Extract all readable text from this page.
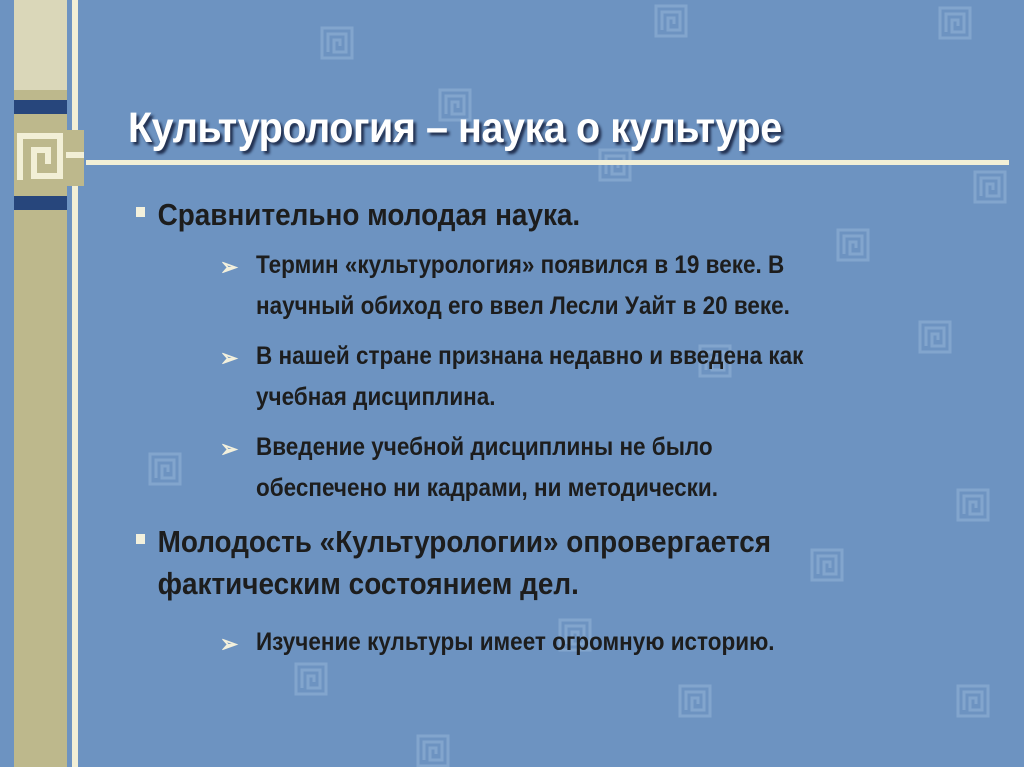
Культурология – наука о культуре

Сравнительно молодая наука.

➢ Термин «культурология» появился в 19 веке. В
научный обиход его ввел Лесли Уайт в 20 веке.

➢ В нашей стране признана недавно и введена как
учебная дисциплина.

➢ Введение учебной дисциплины не было
обеспечено ни кадрами, ни методически.

Молодость «Культурологии» опровергается
фактическим состоянием дел.

➢ Изучение культуры имеет огромную историю.
